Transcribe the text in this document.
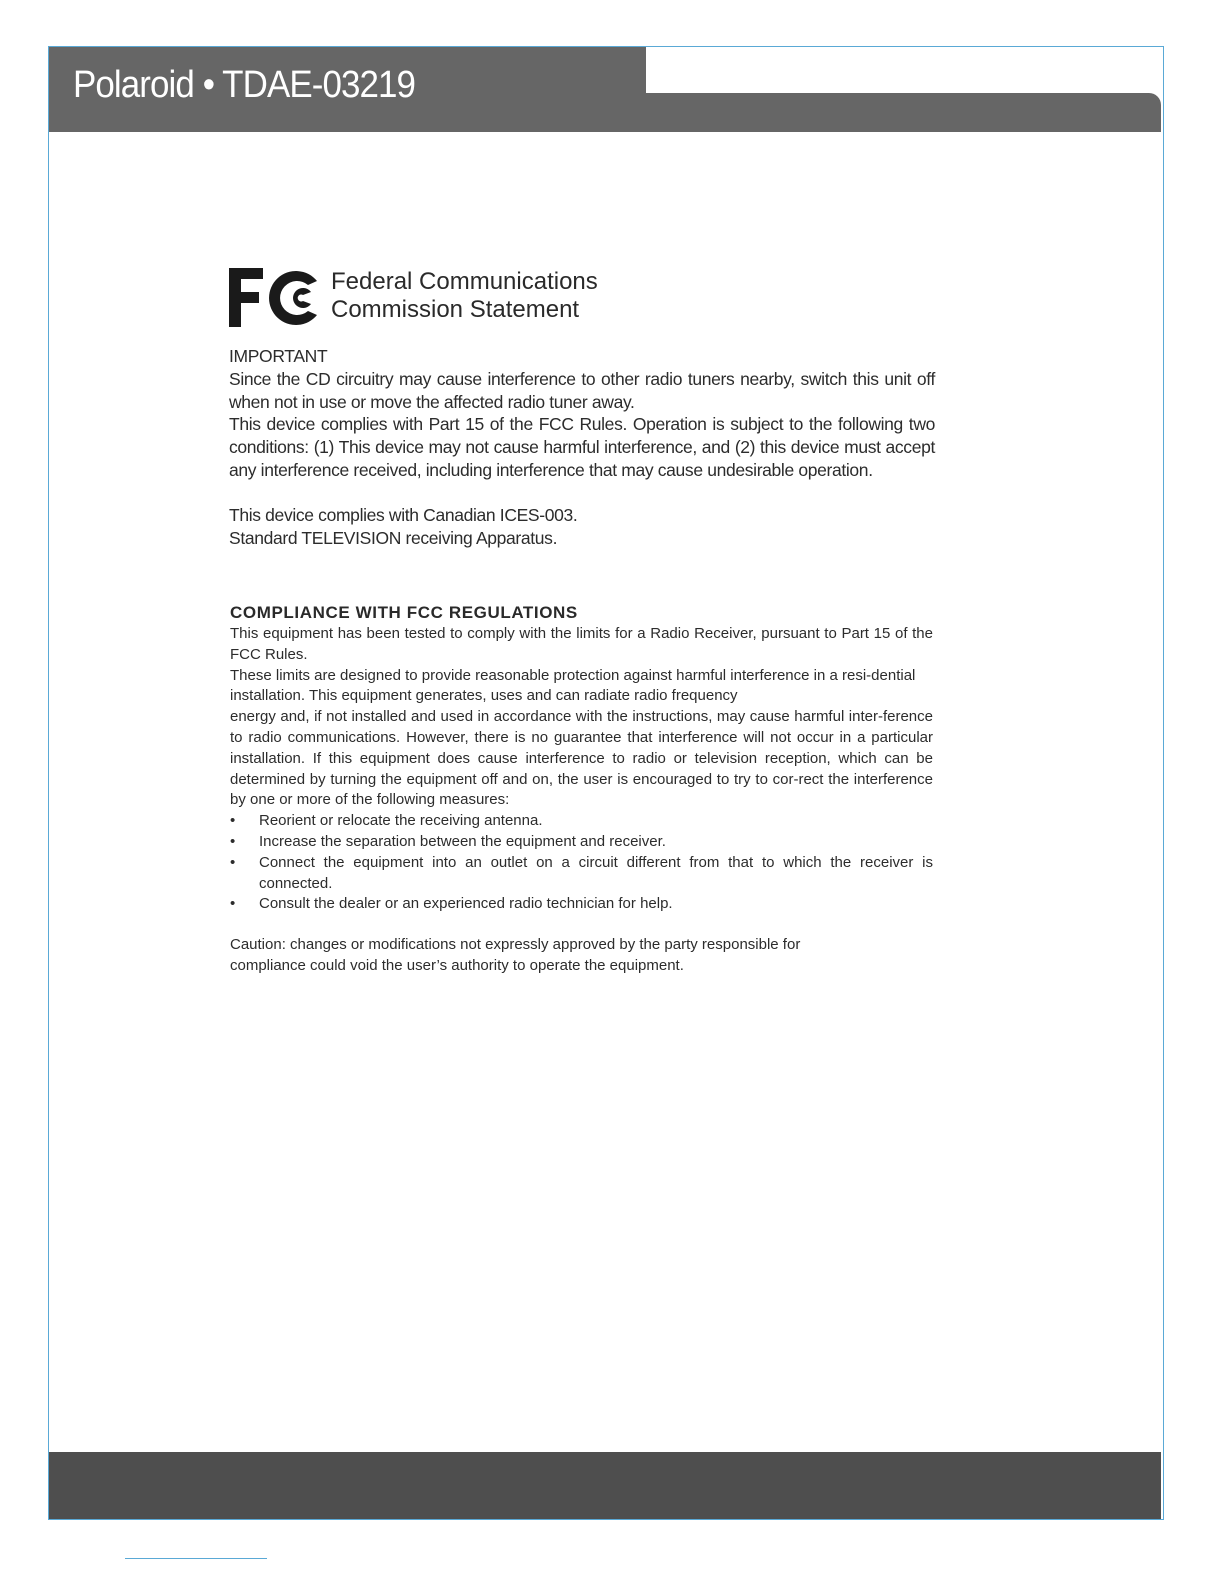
Polaroid • TDAE-03219
Federal Communications
Commission Statement
IMPORTANT

Since the CD circuitry may cause interference to other radio tuners nearby, switch this unit off when not in use or move the affected radio tuner away.

This device complies with Part 15 of the FCC Rules. Operation is subject to the following two conditions: (1) This device may not cause harmful interference, and (2) this device must accept any interference received, including interference that may cause undesirable operation.

This device complies with Canadian ICES-003.

Standard TELEVISION receiving Apparatus.

COMPLIANCE WITH FCC REGULATIONS

This equipment has been tested to comply with the limits for a Radio Receiver, pursuant to Part 15 of the FCC Rules.

These limits are designed to provide reasonable protection against harmful interference in a resi-dential installation. This equipment generates, uses and can radiate radio frequency

energy and, if not installed and used in accordance with the instructions, may cause harmful inter-ference to radio communications. However, there is no guarantee that interference will not occur in a particular installation. If this equipment does cause interference to radio or television reception, which can be determined by turning the equipment off and on, the user is encouraged to try to cor-rect the interference by one or more of the following measures:

• Reorient or relocate the receiving antenna.
• Increase the separation between the equipment and receiver.
• Connect the equipment into an outlet on a circuit different from that to which the receiver is connected.
• Consult the dealer or an experienced radio technician for help.

Caution: changes or modifications not expressly approved by the party responsible for compliance could void the user’s authority to operate the equipment.
